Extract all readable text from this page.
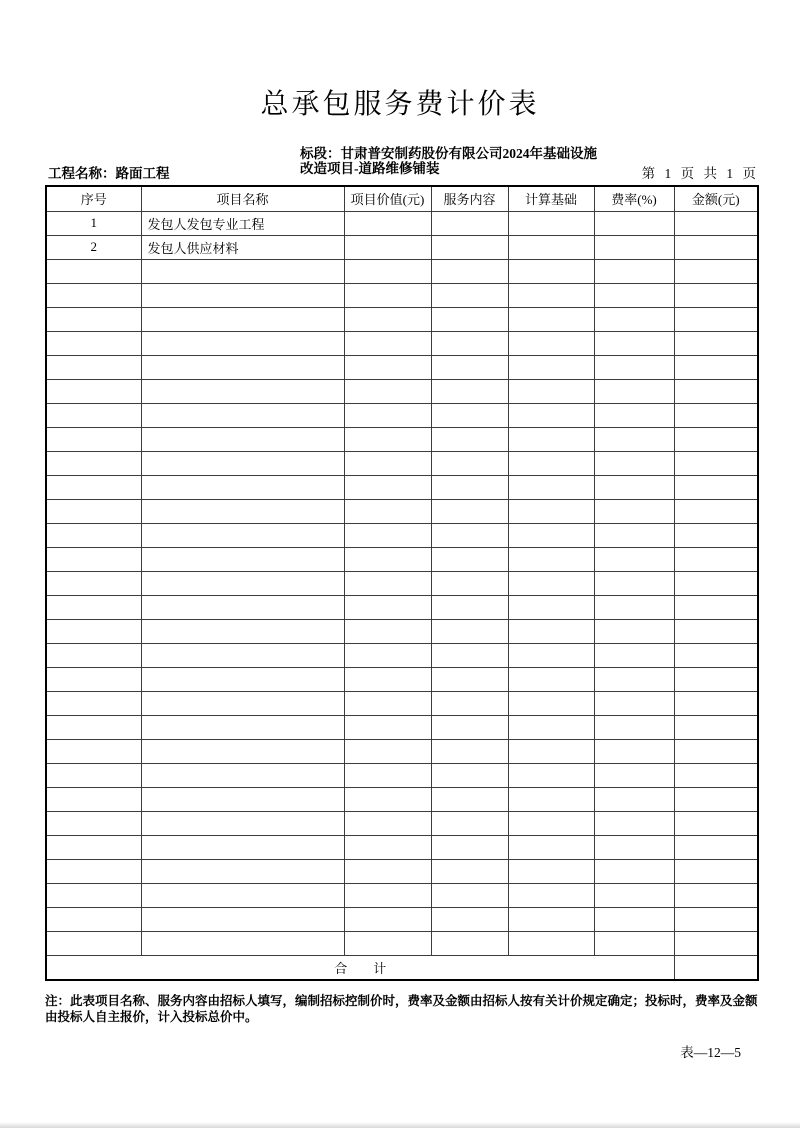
总承包服务费计价表
工程名称：路面工程
标段：甘肃普安制药股份有限公司2024年基础设施
改造项目-道路维修铺装	第 1 页 共 1 页
序号	项目名称	项目价值(元)	服务内容	计算基础	费率(%)	金额(元)
1	发包人发包专业工程					
2	发包人供应材料					

合　　计						
注：此表项目名称、服务内容由招标人填写，编制招标控制价时，费率及金额由招标人按有关计价规定确定；投标时，费率及金额
由投标人自主报价，计入投标总价中。
表—12—5
